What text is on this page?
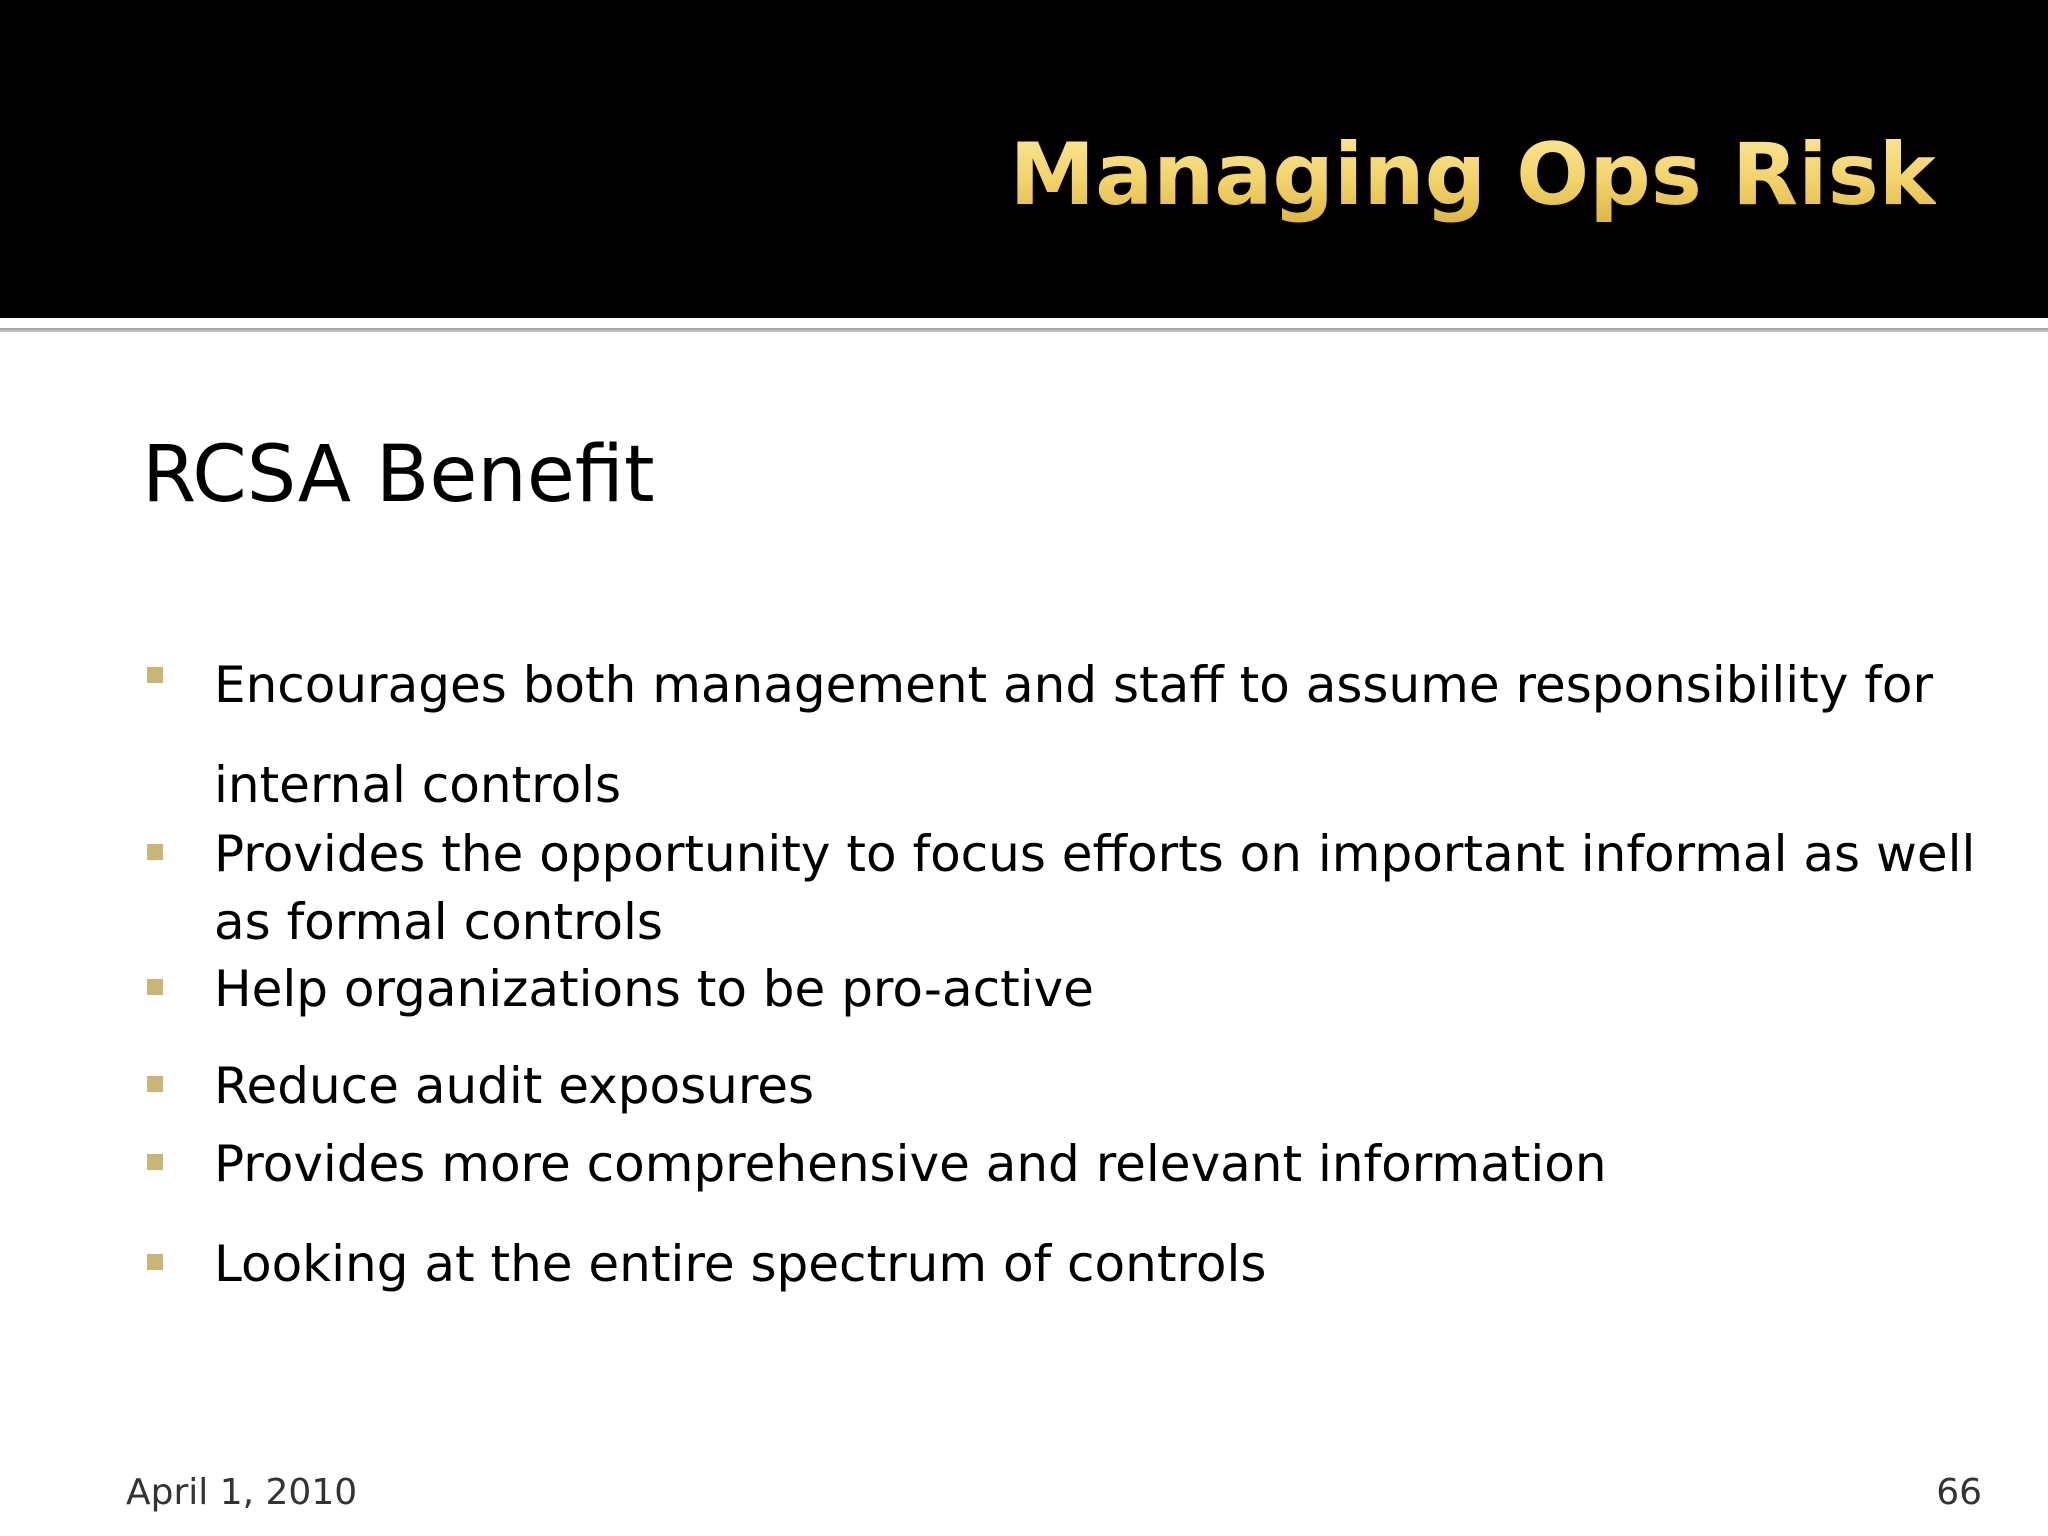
Managing Ops Risk
RCSA Benefit
Encourages both management and staff to assume responsibility for
internal controls
Provides the opportunity to focus efforts on important informal as well
as formal controls
Help organizations to be pro-active
Reduce audit exposures
Provides more comprehensive and relevant information
Looking at the entire spectrum of controls
April 1, 2010	66
